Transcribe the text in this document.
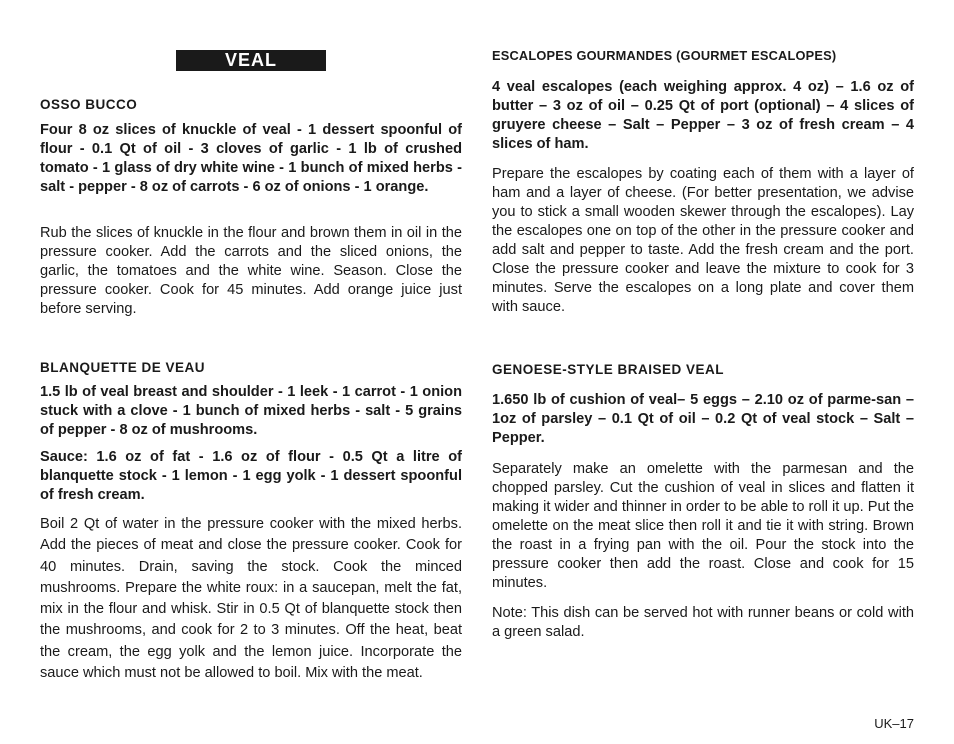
VEAL
OSSO BUCCO

Four 8 oz slices of knuckle of veal - 1 dessert spoonful of flour - 0.1 Qt of oil - 3 cloves of garlic - 1 lb of crushed tomato - 1 glass of dry white wine - 1 bunch of mixed herbs - salt - pepper - 8 oz of carrots - 6 oz of onions - 1 orange.

Rub the slices of knuckle in the flour and brown them in oil in the pressure cooker. Add the carrots and the sliced onions, the garlic, the tomatoes and the white wine. Season. Close the pressure cooker. Cook for 45 minutes. Add orange juice just before serving.

BLANQUETTE DE VEAU

1.5 lb of veal breast and shoulder - 1 leek - 1 carrot - 1 onion stuck with a clove - 1 bunch of mixed herbs - salt - 5 grains of pepper - 8 oz of mushrooms.

Sauce: 1.6 oz of fat - 1.6 oz of flour - 0.5 Qt a litre of blanquette stock - 1 lemon - 1 egg yolk - 1 dessert spoonful of fresh cream.

Boil 2 Qt of water in the pressure cooker with the mixed herbs. Add the pieces of meat and close the pressure cooker. Cook for 40 minutes. Drain, saving the stock. Cook the minced mushrooms. Prepare the white roux: in a saucepan, melt the fat, mix in the flour and whisk. Stir in 0.5 Qt of blanquette stock then the mushrooms, and cook for 2 to 3 minutes. Off the heat, beat the cream, the egg yolk and the lemon juice. Incorporate the sauce which must not be allowed to boil. Mix with the meat.

ESCALOPES GOURMANDES (GOURMET ESCALOPES)

4 veal escalopes (each weighing approx. 4 oz) – 1.6 oz of butter – 3 oz of oil – 0.25 Qt of port (optional) – 4 slices of gruyere cheese – Salt – Pepper – 3 oz of fresh cream – 4 slices of ham.

Prepare the escalopes by coating each of them with a layer of ham and a layer of cheese. (For better presentation, we advise you to stick a small wooden skewer through the escalopes). Lay the escalopes one on top of the other in the pressure cooker and add salt and pepper to taste. Add the fresh cream and the port. Close the pressure cooker and leave the mixture to cook for 3 minutes. Serve the escalopes on a long plate and cover them with sauce.

GENOESE-STYLE BRAISED VEAL

1.650 lb of cushion of veal– 5 eggs – 2.10 oz of parme-san – 1oz of parsley – 0.1 Qt of oil – 0.2 Qt of veal stock – Salt – Pepper.

Separately make an omelette with the parmesan and the chopped parsley. Cut the cushion of veal in slices and flatten it making it wider and thinner in order to be able to roll it up. Put the omelette on the meat slice then roll it and tie it with string. Brown the roast in a frying pan with the oil. Pour the stock into the pressure cooker then add the roast. Close and cook for 15 minutes.

Note: This dish can be served hot with runner beans or cold with a green salad.

UK–17
